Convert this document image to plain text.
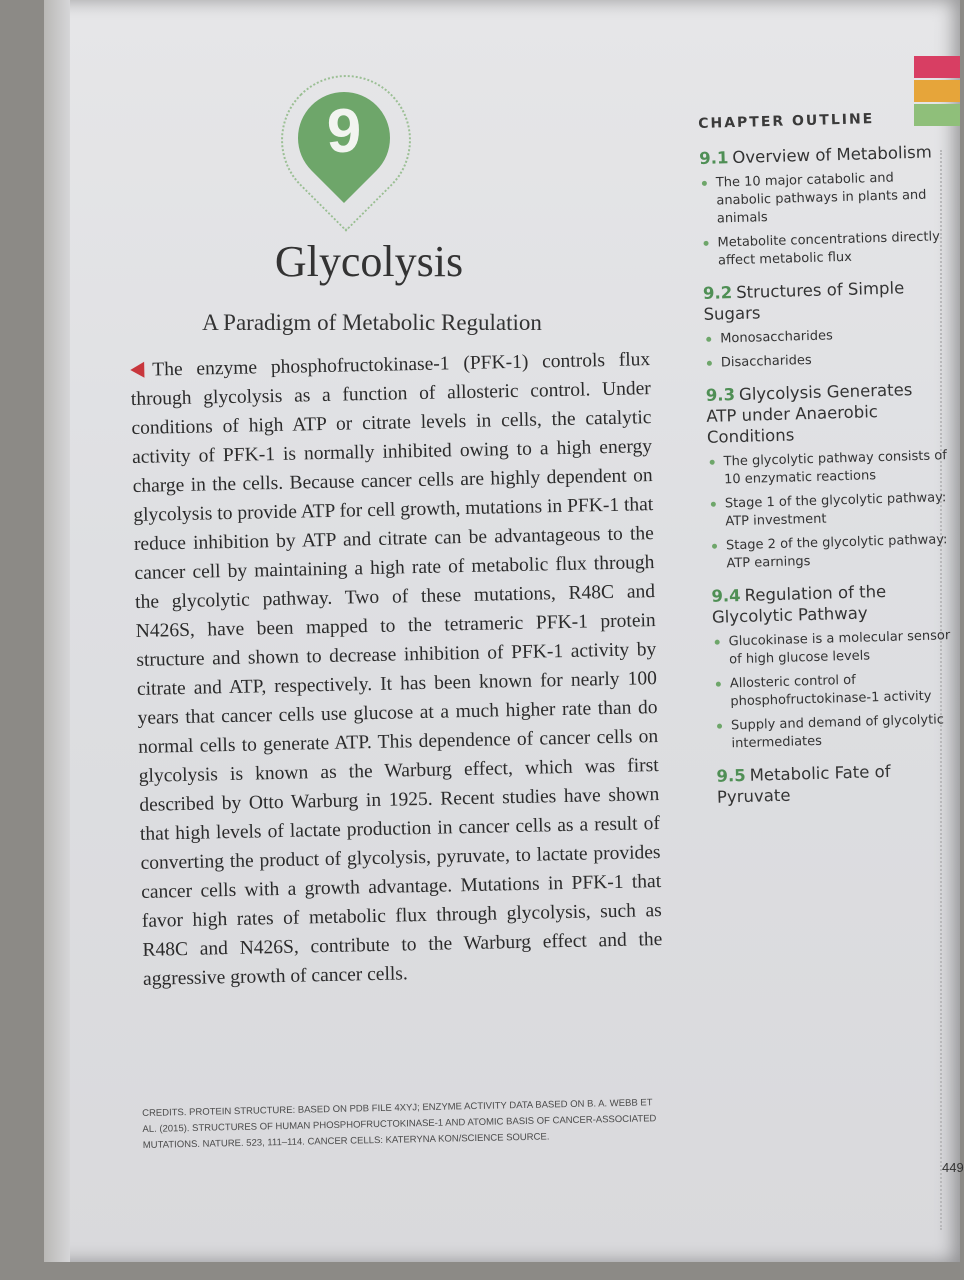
9
Glycolysis
A Paradigm of Metabolic Regulation
The enzyme phosphofructokinase-1 (PFK-1) controls flux through glycolysis as a function of allosteric control. Under conditions of high ATP or citrate levels in cells, the catalytic activity of PFK-1 is normally inhibited owing to a high energy charge in the cells. Because cancer cells are highly dependent on glycolysis to provide ATP for cell growth, mutations in PFK-1 that reduce inhibition by ATP and citrate can be advantageous to the cancer cell by maintaining a high rate of metabolic flux through the glycolytic pathway. Two of these mutations, R48C and N426S, have been mapped to the tetrameric PFK-1 protein structure and shown to decrease inhibition of PFK-1 activity by citrate and ATP, respectively. It has been known for nearly 100 years that cancer cells use glucose at a much higher rate than do normal cells to generate ATP. This dependence of cancer cells on glycolysis is known as the Warburg effect, which was first described by Otto Warburg in 1925. Recent studies have shown that high levels of lactate production in cancer cells as a result of converting the product of glycolysis, pyruvate, to lactate provides cancer cells with a growth advantage. Mutations in PFK-1 that favor high rates of metabolic flux through glycolysis, such as R48C and N426S, contribute to the Warburg effect and the aggressive growth of cancer cells.
CREDITS. PROTEIN STRUCTURE: BASED ON PDB FILE 4XYJ; ENZYME ACTIVITY DATA BASED ON B. A. WEBB ET AL. (2015). STRUCTURES OF HUMAN PHOSPHOFRUCTOKINASE-1 AND ATOMIC BASIS OF CANCER-ASSOCIATED MUTATIONS. NATURE. 523, 111–114. CANCER CELLS: KATERYNA KON/SCIENCE SOURCE.
CHAPTER OUTLINE
9.1 Overview of Metabolism
The 10 major catabolic and anabolic pathways in plants and animals
Metabolite concentrations directly affect metabolic flux
9.2 Structures of Simple Sugars
Monosaccharides
Disaccharides
9.3 Glycolysis Generates ATP under Anaerobic Conditions
The glycolytic pathway consists of 10 enzymatic reactions
Stage 1 of the glycolytic pathway: ATP investment
Stage 2 of the glycolytic pathway: ATP earnings
9.4 Regulation of the Glycolytic Pathway
Glucokinase is a molecular sensor of high glucose levels
Allosteric control of phosphofructokinase-1 activity
Supply and demand of glycolytic intermediates
9.5 Metabolic Fate of Pyruvate
449
